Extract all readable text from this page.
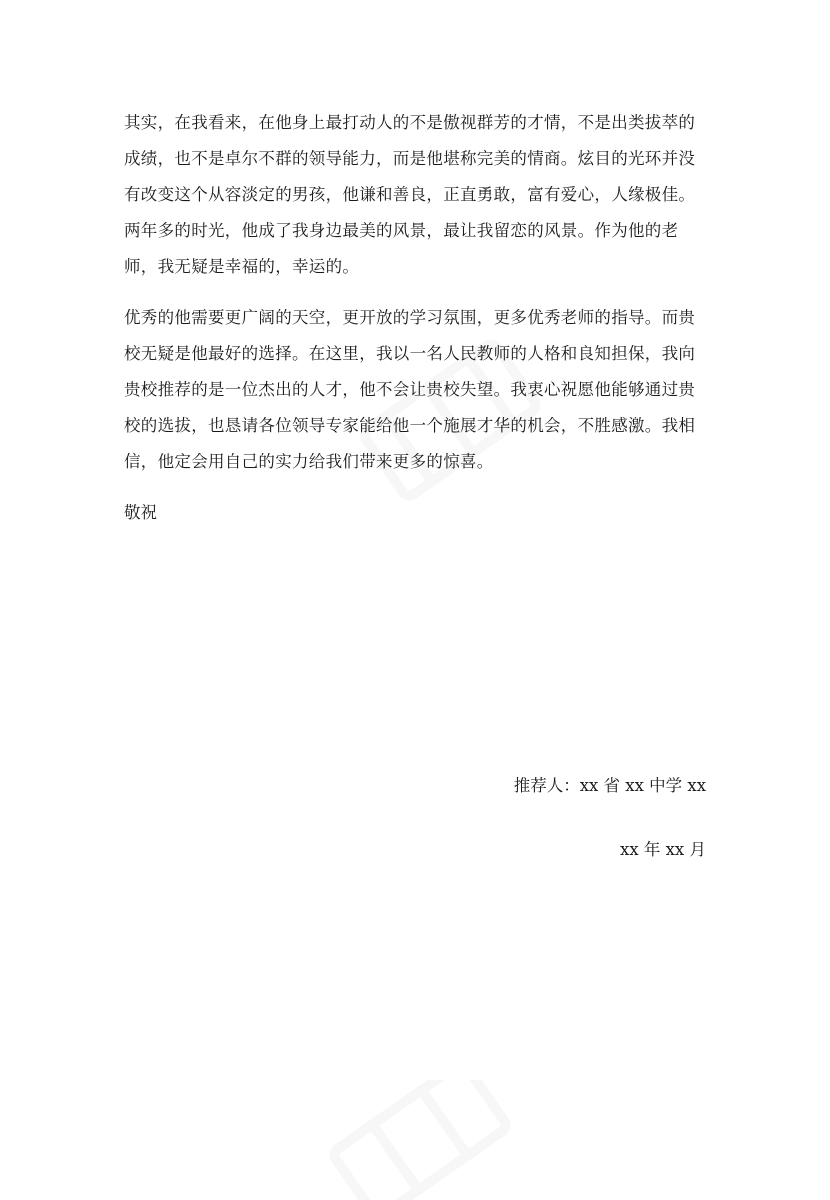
其实，在我看来，在他身上最打动人的不是傲视群芳的才情，不是出类拔萃的
成绩，也不是卓尔不群的领导能力，而是他堪称完美的情商。炫目的光环并没
有改变这个从容淡定的男孩，他谦和善良，正直勇敢，富有爱心，人缘极佳。
两年多的时光，他成了我身边最美的风景，最让我留恋的风景。作为他的老
师，我无疑是幸福的，幸运的。

优秀的他需要更广阔的天空，更开放的学习氛围，更多优秀老师的指导。而贵
校无疑是他最好的选择。在这里，我以一名人民教师的人格和良知担保，我向
贵校推荐的是一位杰出的人才，他不会让贵校失望。我衷心祝愿他能够通过贵
校的选拔，也恳请各位领导专家能给他一个施展才华的机会，不胜感激。我相
信，他定会用自己的实力给我们带来更多的惊喜。

敬祝

推荐人：xx 省 xx 中学 xx
xx 年 xx 月
